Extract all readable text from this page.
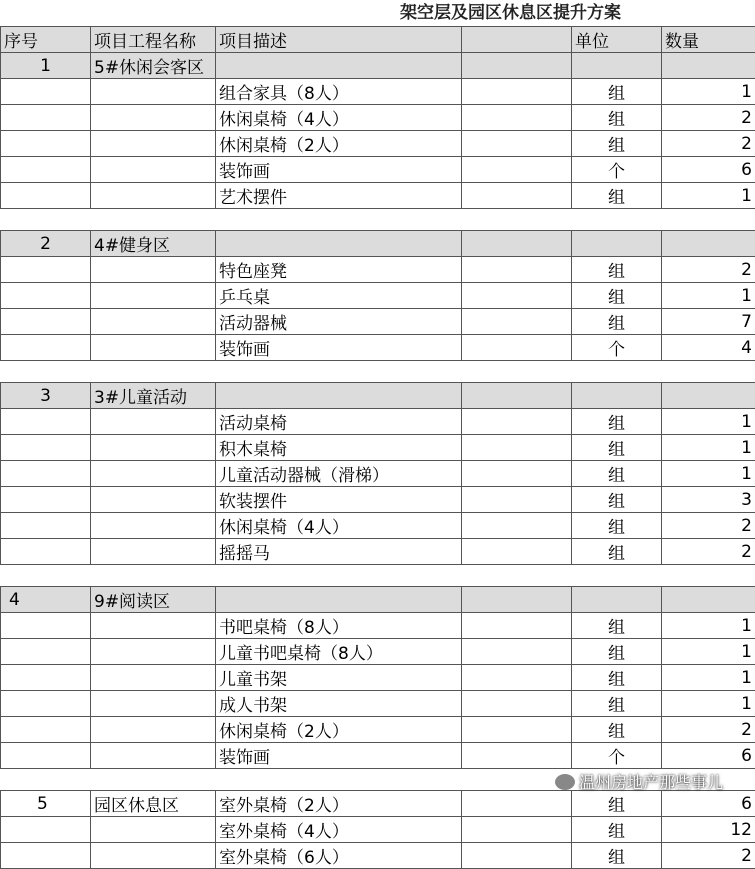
架空层及园区休息区提升方案
序号	项目工程名称	项目描述		单位	数量
1	5#休闲会客区				
		组合家具（8人）		组	1
		休闲桌椅（4人）		组	2
		休闲桌椅（2人）		组	2
		装饰画		个	6
		艺术摆件		组	1

2	4#健身区				
		特色座凳		组	2
		乒乓桌		组	1
		活动器械		组	7
		装饰画		个	4

3	3#儿童活动				
		活动桌椅		组	1
		积木桌椅		组	1
		儿童活动器械（滑梯）		组	1
		软装摆件		组	3
		休闲桌椅（4人）		组	2
		摇摇马		组	2

4	9#阅读区				
		书吧桌椅（8人）		组	1
		儿童书吧桌椅（8人）		组	1
		儿童书架		组	1
		成人书架		组	1
		休闲桌椅（2人）		组	2
		装饰画		个	6

5	园区休息区	室外桌椅（2人）		组	6
		室外桌椅（4人）		组	12
		室外桌椅（6人）		组	2
温州房地产那些事儿
